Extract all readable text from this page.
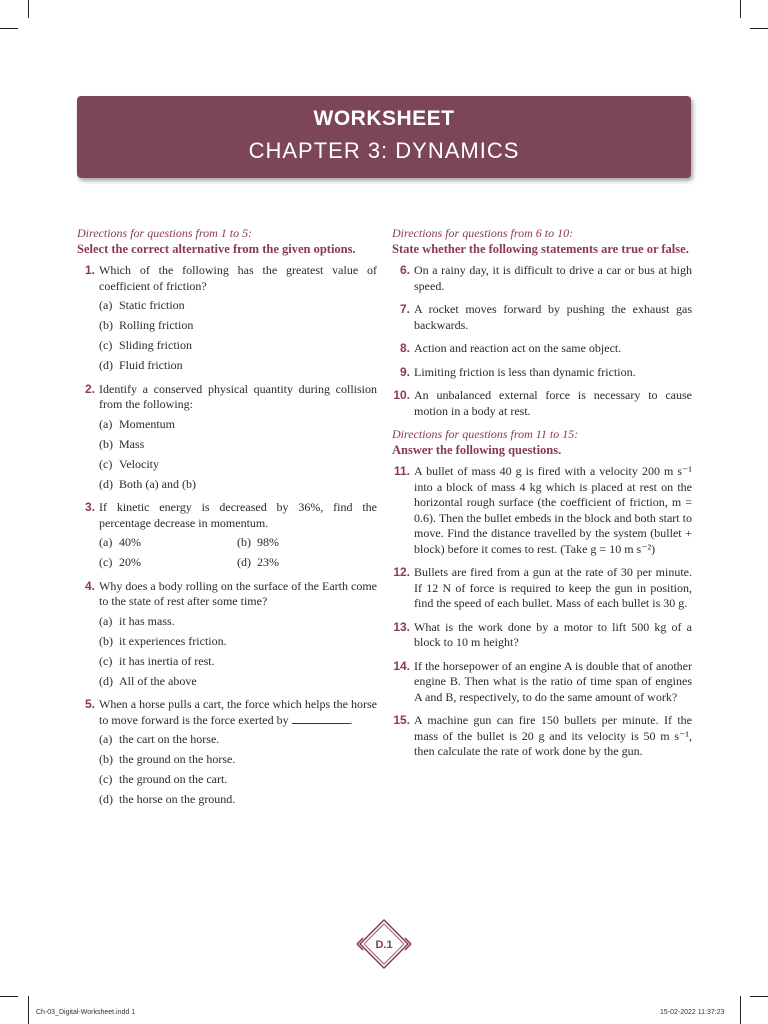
WORKSHEET
CHAPTER 3: DYNAMICS
Directions for questions from 1 to 5:
Select the correct alternative from the given options.
1. Which of the following has the greatest value of coefficient of friction?
(a) Static friction
(b) Rolling friction
(c) Sliding friction
(d) Fluid friction
2. Identify a conserved physical quantity during collision from the following:
(a) Momentum
(b) Mass
(c) Velocity
(d) Both (a) and (b)
3. If kinetic energy is decreased by 36%, find the percentage decrease in momentum.
(a) 40%	(b) 98%
(c) 20%	(d) 23%
4. Why does a body rolling on the surface of the Earth come to the state of rest after some time?
(a) it has mass.
(b) it experiences friction.
(c) it has inertia of rest.
(d) All of the above
5. When a horse pulls a cart, the force which helps the horse to move forward is the force exerted by	.
(a) the cart on the horse.
(b) the ground on the horse.
(c) the ground on the cart.
(d) the horse on the ground.
Directions for questions from 6 to 10:
State whether the following statements are true or false.
6. On a rainy day, it is difficult to drive a car or bus at high speed.
7. A rocket moves forward by pushing the exhaust gas backwards.
8. Action and reaction act on the same object.
9. Limiting friction is less than dynamic friction.
10. An unbalanced external force is necessary to cause motion in a body at rest.
Directions for questions from 11 to 15:
Answer the following questions.
11. A bullet of mass 40 g is fired with a velocity 200 m s⁻¹ into a block of mass 4 kg which is placed at rest on the horizontal rough surface (the coefficient of friction, m = 0.6). Then the bullet embeds in the block and both start to move. Find the distance travelled by the system (bullet + block) before it comes to rest. (Take g = 10 m s⁻²)
12. Bullets are fired from a gun at the rate of 30 per minute. If 12 N of force is required to keep the gun in position, find the speed of each bullet. Mass of each bullet is 30 g.
13. What is the work done by a motor to lift 500 kg of a block to 10 m height?
14. If the horsepower of an engine A is double that of another engine B. Then what is the ratio of time span of engines A and B, respectively, to do the same amount of work?
15. A machine gun can fire 150 bullets per minute. If the mass of the bullet is 20 g and its velocity is 50 m s⁻¹, then calculate the rate of work done by the gun.
D.1
Ch-03_Digital-Worksheet.indd 1	15-02-2022 11:37:23
